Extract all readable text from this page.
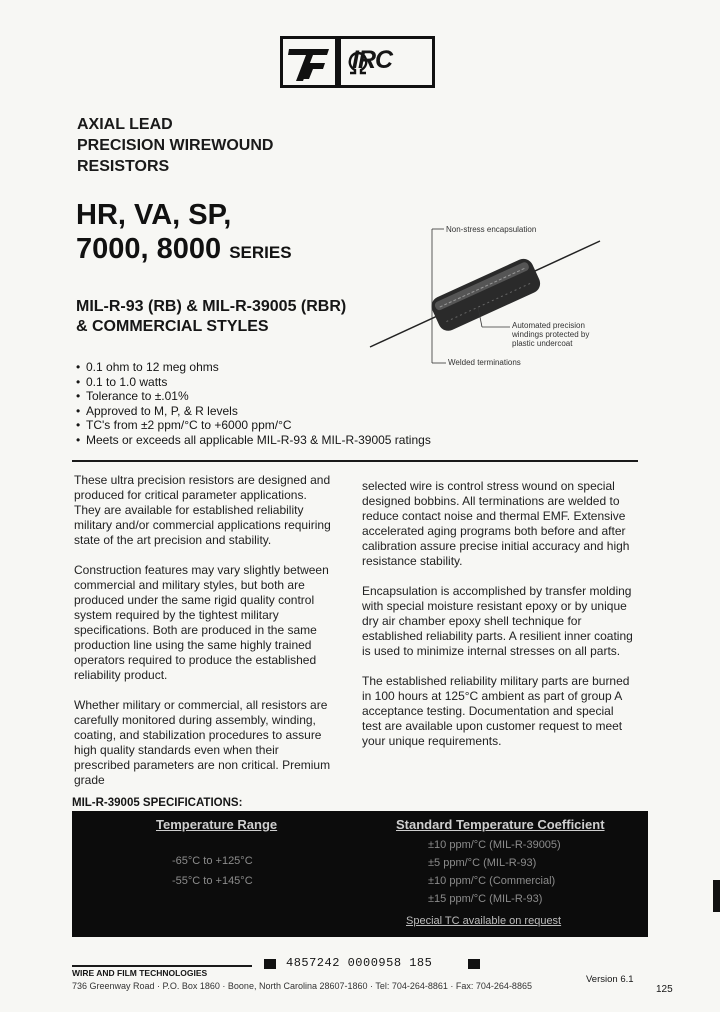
IRC
AXIAL LEAD
PRECISION WIREWOUND
RESISTORS
HR, VA, SP,
7000, 8000 SERIES
MIL-R-93 (RB) & MIL-R-39005 (RBR)
& COMMERCIAL STYLES
Non-stress encapsulation
Automated precision
windings protected by
plastic undercoat
Welded terminations
• 0.1 ohm to 12 meg ohms
• 0.1 to 1.0 watts
• Tolerance to ±.01%
• Approved to M, P, & R levels
• TC's from ±2 ppm/°C to +6000 ppm/°C
• Meets or exceeds all applicable MIL-R-93 & MIL-R-39005 ratings

These ultra precision resistors are designed and produced for critical parameter applications. They are available for established reliability military and/or commercial applications requiring state of the art precision and stability.

Construction features may vary slightly between commercial and military styles, but both are produced under the same rigid quality control system required by the tightest military specifications. Both are produced in the same production line using the same highly trained operators required to produce the established reliability product.

Whether military or commercial, all resistors are carefully monitored during assembly, winding, coating, and stabilization procedures to assure high quality standards even when their prescribed parameters are non critical. Premium grade

selected wire is control stress wound on special designed bobbins. All terminations are welded to reduce contact noise and thermal EMF. Extensive accelerated aging programs both before and after calibration assure precise initial accuracy and high resistance stability.

Encapsulation is accomplished by transfer molding with special moisture resistant epoxy or by unique dry air chamber epoxy shell technique for established reliability parts. A resilient inner coating is used to minimize internal stresses on all parts.

The established reliability military parts are burned in 100 hours at 125°C ambient as part of group A acceptance testing. Documentation and special test are available upon customer request to meet your unique requirements.

MIL-R-39005 SPECIFICATIONS:
Temperature Range	Standard Temperature Coefficient
-65°C to +125°C
-55°C to +145°C
±10 ppm/°C (MIL-R-39005)
±5 ppm/°C (MIL-R-93)
±10 ppm/°C (Commercial)
±15 ppm/°C (MIL-R-93)
Special TC available on request
4857242 0000958 185
WIRE AND FILM TECHNOLOGIES
Version 6.1
736 Greenway Road · P.O. Box 1860 · Boone, North Carolina 28607-1860 · Tel: 704-264-8861 · Fax: 704-264-8865	125
